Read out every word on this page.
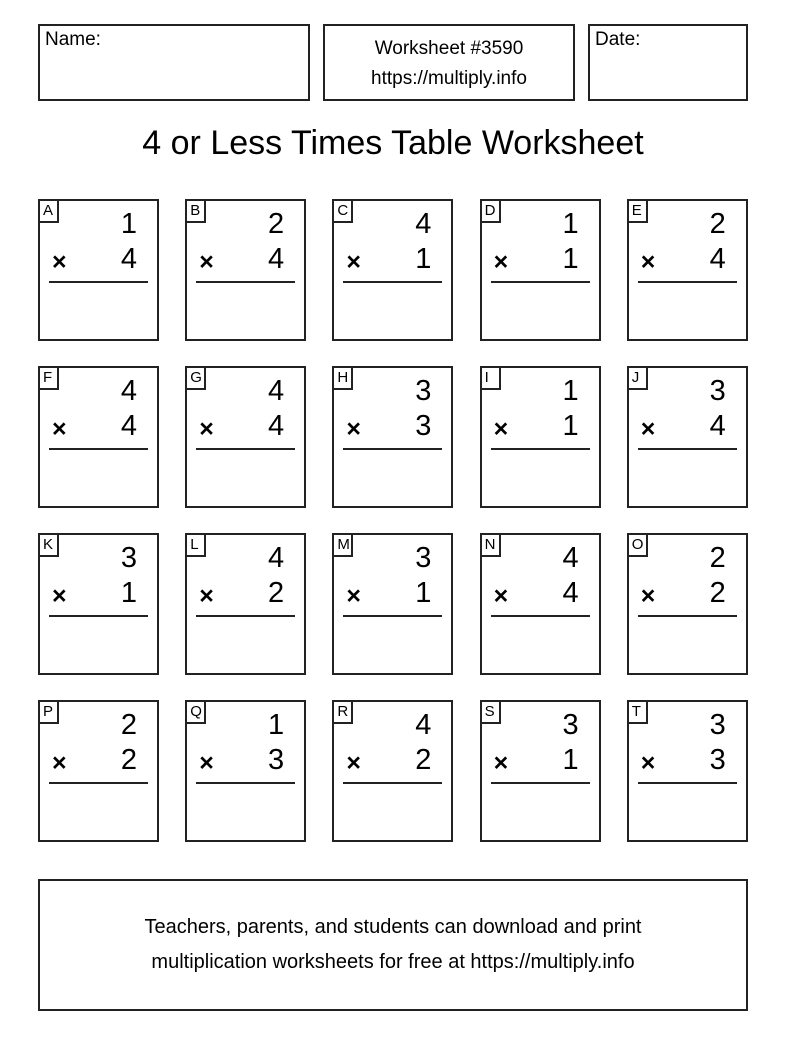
Name:	Worksheet #3590
https://multiply.info
Date:
4 or Less Times Table Worksheet
A 1
× 4
B 2
× 4
C 4
× 1
D 1
× 1
E 2
× 4
F 4
× 4
G 4
× 4
H 3
× 3
I	1
× 1
J 3
× 4
K 3
× 1
L 4
× 2
M 3
× 1
N 4
× 4
O 2
× 2
P 2
× 2
Q 1
× 3
R 4
× 2
S 3
× 1
T 3
× 3
Teachers, parents, and students can download and print
multiplication worksheets for free at https://multiply.info
